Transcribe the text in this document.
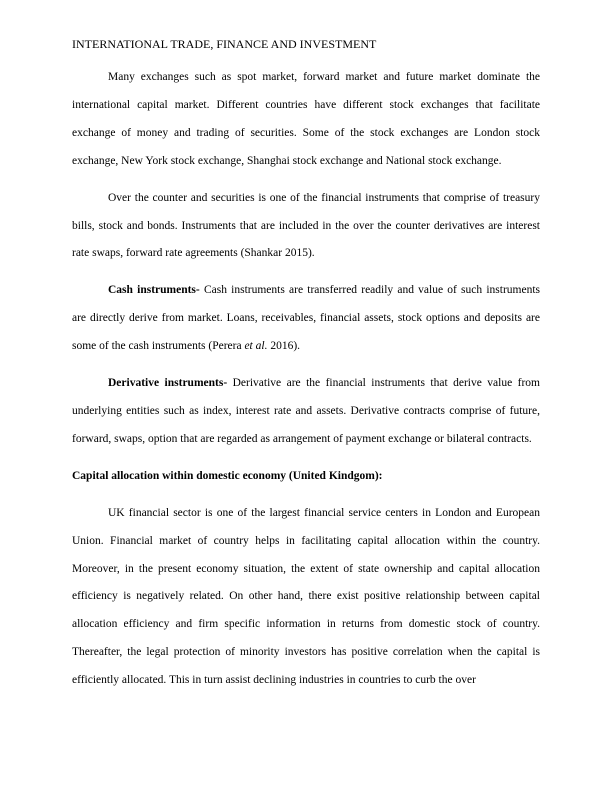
INTERNATIONAL TRADE, FINANCE AND INVESTMENT

Many exchanges such as spot market, forward market and future market dominate the international capital market. Different countries have different stock exchanges that facilitate exchange of money and trading of securities. Some of the stock exchanges are London stock exchange, New York stock exchange, Shanghai stock exchange and National stock exchange.

Over the counter and securities is one of the financial instruments that comprise of treasury bills, stock and bonds. Instruments that are included in the over the counter derivatives are interest rate swaps, forward rate agreements (Shankar 2015).

Cash instruments- Cash instruments are transferred readily and value of such instruments are directly derive from market. Loans, receivables, financial assets, stock options and deposits are some of the cash instruments (Perera et al. 2016).

Derivative instruments- Derivative are the financial instruments that derive value from underlying entities such as index, interest rate and assets. Derivative contracts comprise of future, forward, swaps, option that are regarded as arrangement of payment exchange or bilateral contracts.

Capital allocation within domestic economy (United Kindgom):

UK financial sector is one of the largest financial service centers in London and European Union. Financial market of country helps in facilitating capital allocation within the country. Moreover, in the present economy situation, the extent of state ownership and capital allocation efficiency is negatively related. On other hand, there exist positive relationship between capital allocation efficiency and firm specific information in returns from domestic stock of country. Thereafter, the legal protection of minority investors has positive correlation when the capital is efficiently allocated. This in turn assist declining industries in countries to curb the over
